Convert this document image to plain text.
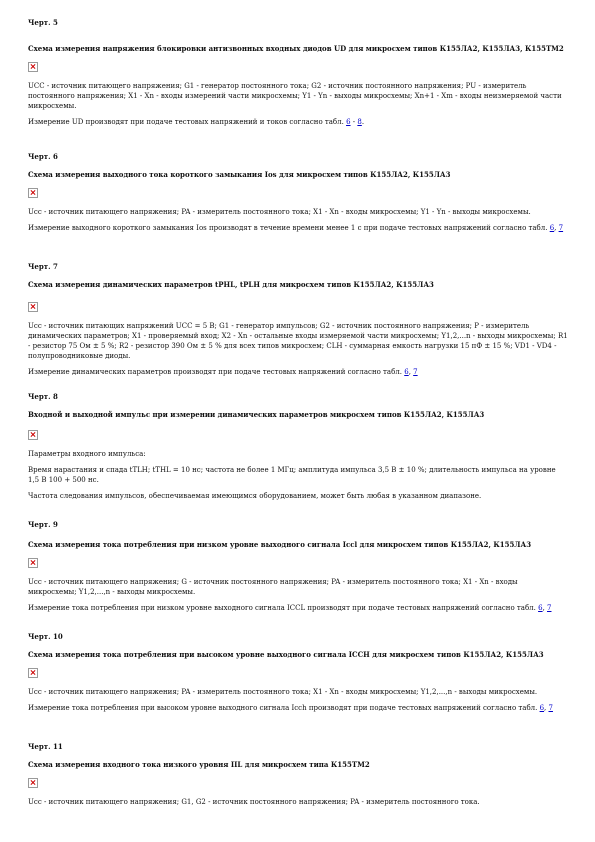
Черт. 5

Схема измерения напряжения блокировки антизвонных входных диодов UD для микросхем типов К155ЛА2, К155ЛА3, К155ТМ2

UCC - источник питающего напряжения; G1 - генератор постоянного тока; G2 - источник постоянного напряжения; PU - измеритель постоянного напряжения; X1 - Xn - входы измерений части микросхемы; Y1 - Yn - выходы микросхемы; Xn+1 - Xm - входы неизмеряемой части микросхемы.

Измерение UD производят при подаче тестовых напряжений и токов согласно табл. 6 - 8.

Черт. 6

Схема измерения выходного тока короткого замыкания Ios для микросхем типов К155ЛА2, К155ЛА3

Ucc - источник питающего напряжения; PA - измеритель постоянного тока; X1 - Xn - входы микросхемы; Y1 - Yn - выходы микросхемы.

Измерение выходного короткого замыкания Ios производят в течение времени менее 1 с при подаче тестовых напряжений согласно табл. 6, 7

Черт. 7

Схема измерения динамических параметров tPHL, tPLH для микросхем типов К155ЛА2, К155ЛА3

Ucc - источник питающих напряжений UCC = 5 В; G1 - генератор импульсов; G2 - источник постоянного напряжения; P - измеритель динамических параметров; X1 - проверяемый вход; X2 - Xn - остальные входы измеряемой части микросхемы; Y1,2,...n - выходы микросхемы; R1 - резистор 75 Ом ± 5 %; R2 - резистор 390 Ом ± 5 % для всех типов микросхем; CLН - суммарная емкость нагрузки 15 пФ ± 15 %; VD1 - VD4 - полупроводниковые диоды.

Измерение динамических параметров производят при подаче тестовых напряжений согласно табл. 6, 7

Черт. 8

Входной и выходной импульс при измерении динамических параметров микросхем типов К155ЛА2, К155ЛА3

Параметры входного импульса:

Время нарастания и спада tTLH; tTHL = 10 нс; частота не более 1 МГц; амплитуда импульса 3,5 В ± 10 %; длительность импульса на уровне 1,5 В 100 + 500 нс.

Частота следования импульсов, обеспечиваемая имеющимся оборудованием, может быть любая в указанном диапазоне.

Черт. 9

Схема измерения тока потребления при низком уровне выходного сигнала Iccl для микросхем типов К155ЛА2, К155ЛА3

Ucc - источник питающего напряжения; G - источник постоянного напряжения; PA - измеритель постоянного тока; X1 - Xn - входы микросхемы; Y1,2,...,n - выходы микросхемы.

Измерение тока потребления при низком уровне выходного сигнала ICCL производят при подаче тестовых напряжений согласно табл. 6, 7

Черт. 10

Схема измерения тока потребления при высоком уровне выходного сигнала ICCH для микросхем типов К155ЛА2, К155ЛА3

Ucc - источник питающего напряжения; PA - измеритель постоянного тока; X1 - Xn - входы микросхемы; Y1,2,...,n - выходы микросхемы.

Измерение тока потребления при высоком уровне выходного сигнала Icch производят при подаче тестовых напряжений согласно табл. 6, 7

Черт. 11

Схема измерения входного тока низкого уровня IIL для микросхем типа К155ТМ2

Ucc - источник питающего напряжения; G1, G2 - источник постоянного напряжения; PA - измеритель постоянного тока.
